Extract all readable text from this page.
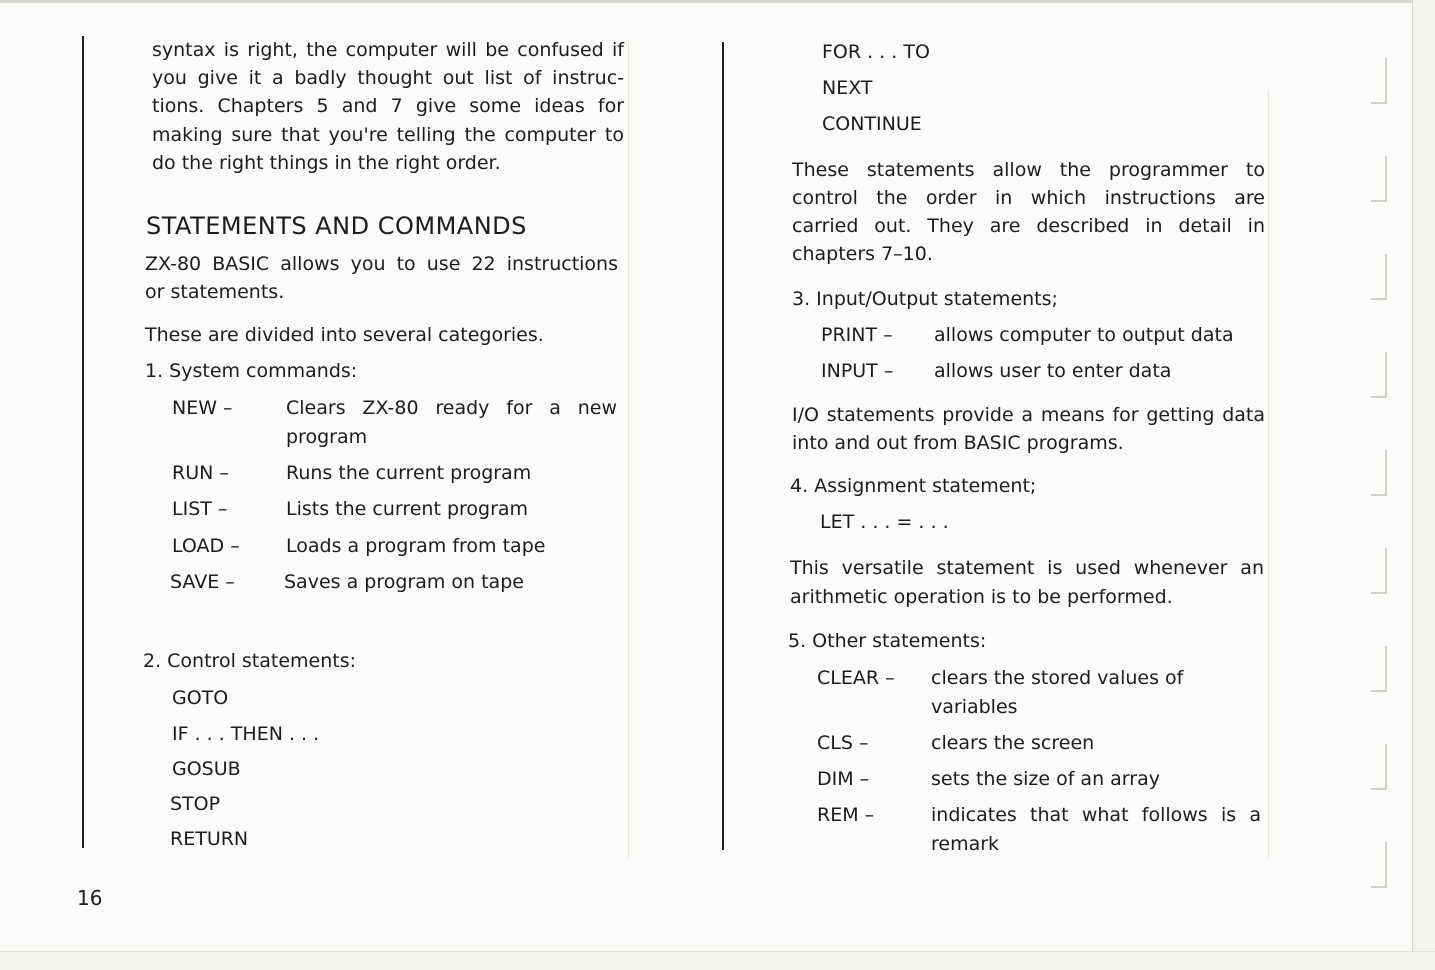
syntax is right, the computer will be confused if
you give it a badly thought out list of instruc-
tions. Chapters 5 and 7 give some ideas for
making sure that you're telling the computer to
do the right things in the right order.
STATEMENTS AND COMMANDS
ZX-80 BASIC allows you to use 22 instructions
or statements.
These are divided into several categories.
1. System commands:
NEW –	Clears ZX-80 ready for a new
program
RUN –	Runs the current program
LIST –	Lists the current program
LOAD – Loads a program from tape
SAVE –	Saves a program on tape
2. Control statements:
GOTO
IF . . . THEN . . .
GOSUB
STOP
RETURN
16
FOR . . . TO
NEXT
CONTINUE
These statements allow the programmer to
control the order in which instructions are
carried out. They are described in detail in
chapters 7–10.
3. Input/Output statements;
PRINT – allows computer to output data
INPUT – allows user to enter data
I/O statements provide a means for getting data
into and out from BASIC programs.
4. Assignment statement;
LET . . . = . . .
This versatile statement is used whenever an
arithmetic operation is to be performed.
5. Other statements:
CLEAR – clears the stored values of
variables
CLS –	clears the screen
DIM –	sets the size of an array
REM –	indicates that what follows is a
remark
